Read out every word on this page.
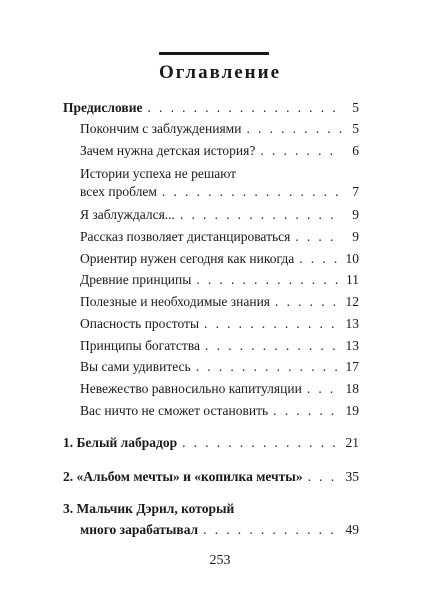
Оглавление
Предисловие . . .	5
Покончим с заблуждениями . . .	5
Зачем нужна детская история? . . .	6
Истории успеха не решают
всех проблем . . .	7
Я заблуждался... . . .	9
Рассказ позволяет дистанцироваться . . .	9
Ориентир нужен сегодня как никогда . . .	10
Древние принципы . . .	11
Полезные и необходимые знания . . .	12
Опасность простоты . . .	13
Принципы богатства . . .	13
Вы сами удивитесь . . .	17
Невежество равносильно капитуляции . . .	18
Вас ничто не сможет остановить . . .	19
1. Белый лабрадор . . .	21
2. «Альбом мечты» и «копилка мечты» . . .	35
3. Мальчик Дэрил, который
много зарабатывал . . .	49
253
